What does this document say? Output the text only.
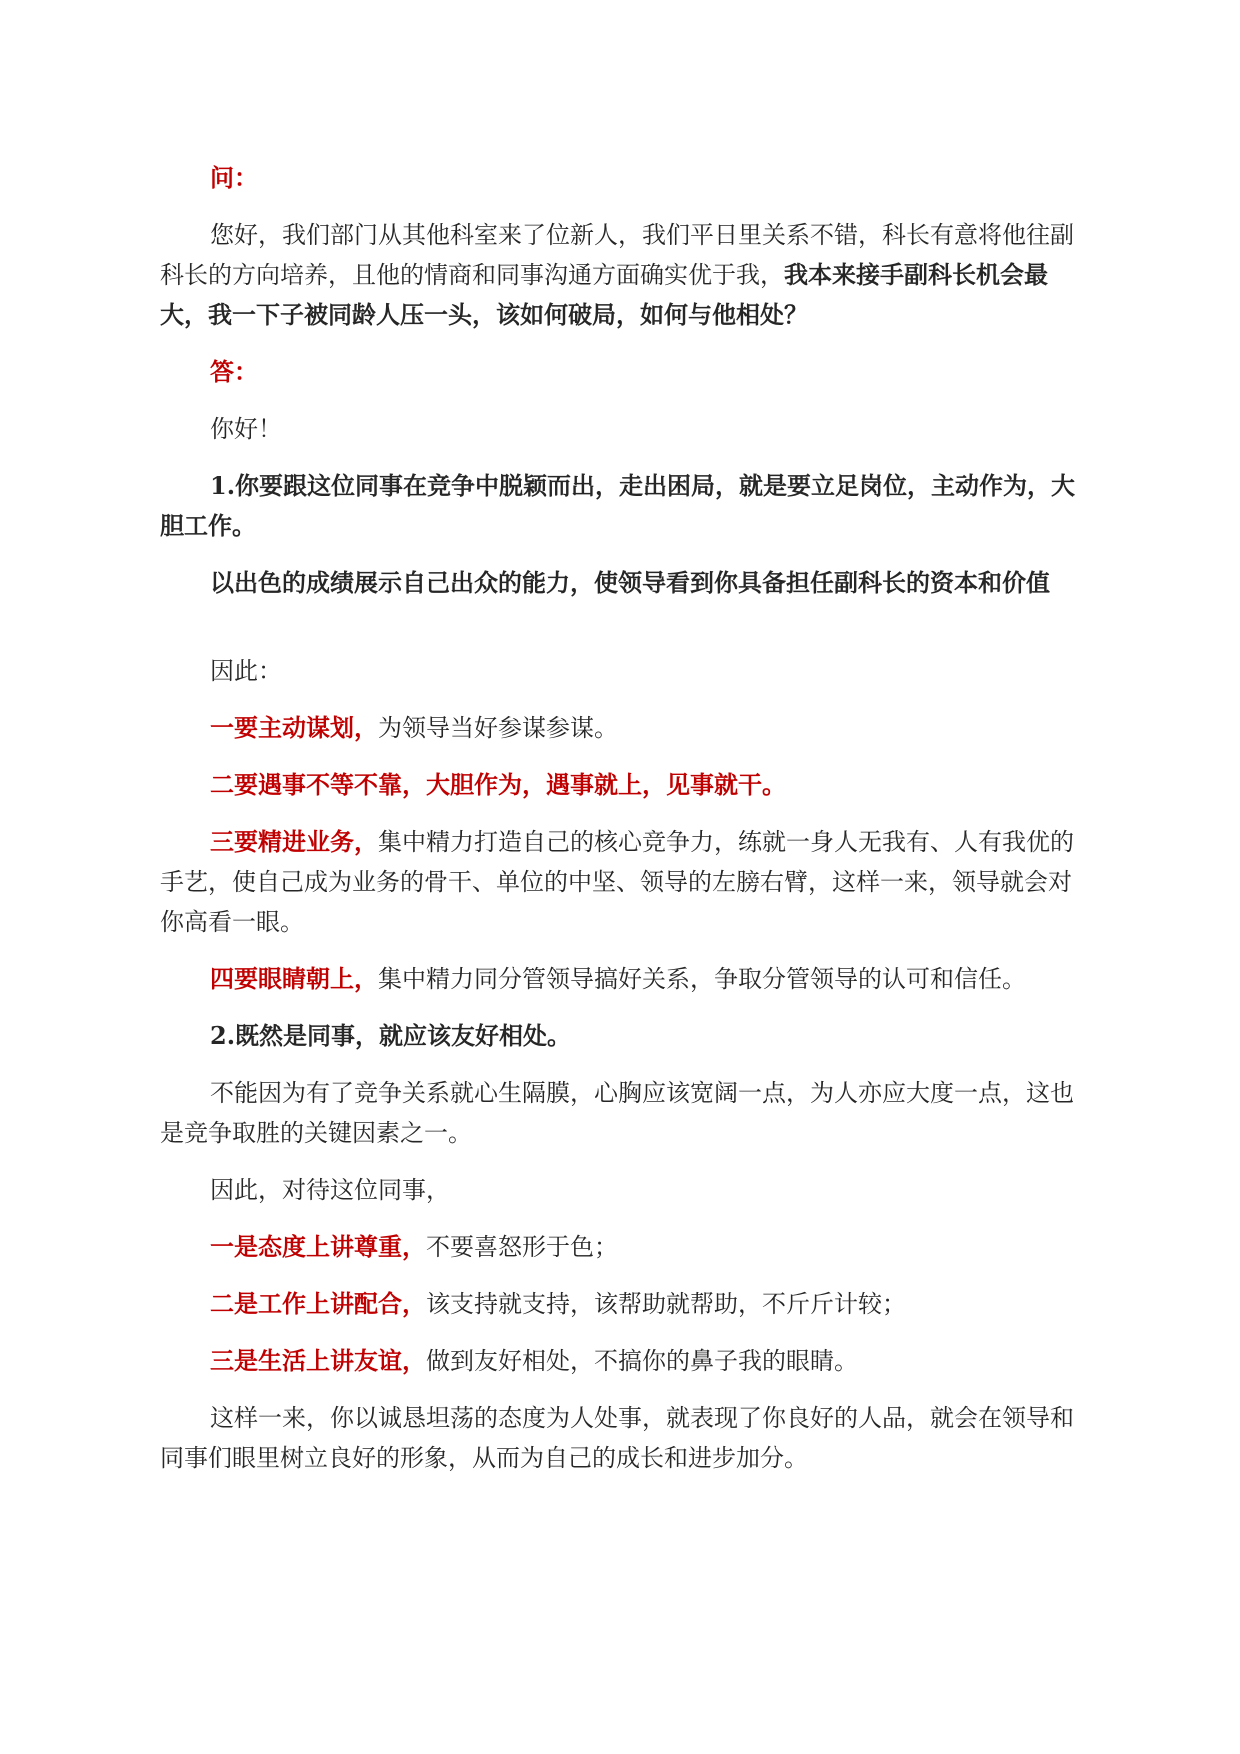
问：

您好，我们部门从其他科室来了位新人，我们平日里关系不错，科长有意将他往副科长的方向培养，且他的情商和同事沟通方面确实优于我，我本来接手副科长机会最大，我一下子被同龄人压一头，该如何破局，如何与他相处？

答：

你好！

1.你要跟这位同事在竞争中脱颖而出，走出困局，就是要立足岗位，主动作为，大胆工作。

以出色的成绩展示自己出众的能力，使领导看到你具备担任副科长的资本和价值

因此：

一要主动谋划，为领导当好参谋参谋。

二要遇事不等不靠，大胆作为，遇事就上，见事就干。

三要精进业务，集中精力打造自己的核心竞争力，练就一身人无我有、人有我优的手艺，使自己成为业务的骨干、单位的中坚、领导的左膀右臂，这样一来，领导就会对你高看一眼。

四要眼睛朝上，集中精力同分管领导搞好关系，争取分管领导的认可和信任。

2.既然是同事，就应该友好相处。

不能因为有了竞争关系就心生隔膜，心胸应该宽阔一点，为人亦应大度一点，这也是竞争取胜的关键因素之一。

因此，对待这位同事，

一是态度上讲尊重，不要喜怒形于色；

二是工作上讲配合，该支持就支持，该帮助就帮助，不斤斤计较；

三是生活上讲友谊，做到友好相处，不搞你的鼻子我的眼睛。

这样一来，你以诚恳坦荡的态度为人处事，就表现了你良好的人品，就会在领导和同事们眼里树立良好的形象，从而为自己的成长和进步加分。
